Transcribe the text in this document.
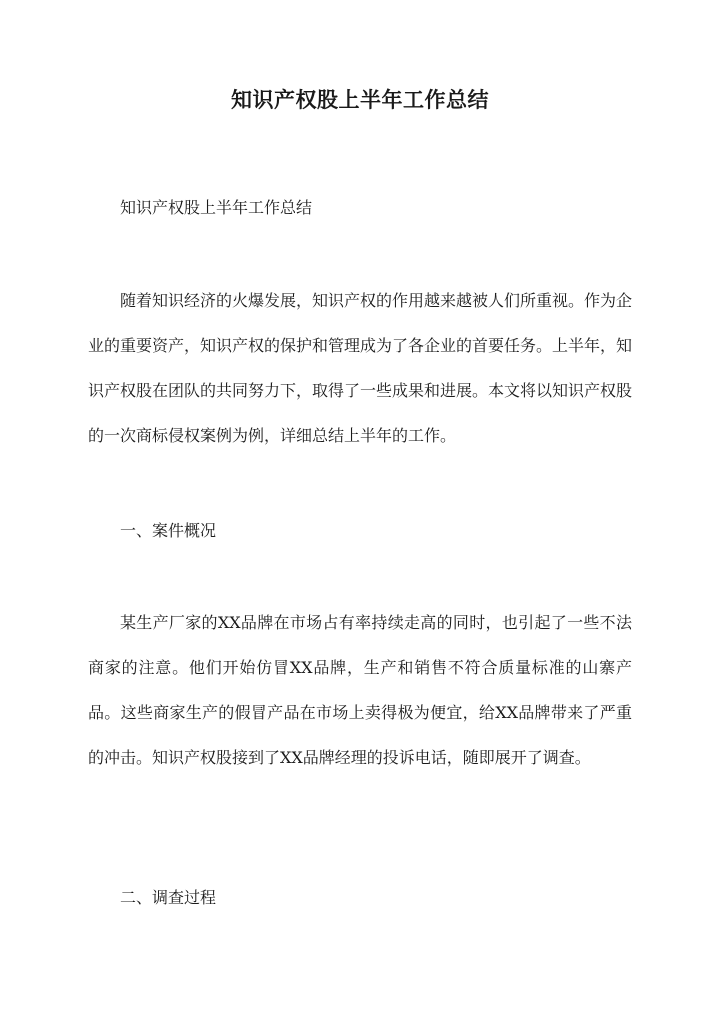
知识产权股上半年工作总结

知识产权股上半年工作总结

随着知识经济的火爆发展，知识产权的作用越来越被人们所重视。作为企业的重要资产，知识产权的保护和管理成为了各企业的首要任务。上半年，知识产权股在团队的共同努力下，取得了一些成果和进展。本文将以知识产权股的一次商标侵权案例为例，详细总结上半年的工作。

一、案件概况

某生产厂家的XX品牌在市场占有率持续走高的同时，也引起了一些不法商家的注意。他们开始仿冒XX品牌，生产和销售不符合质量标准的山寨产品。这些商家生产的假冒产品在市场上卖得极为便宜，给XX品牌带来了严重的冲击。知识产权股接到了XX品牌经理的投诉电话，随即展开了调查。

二、调查过程
